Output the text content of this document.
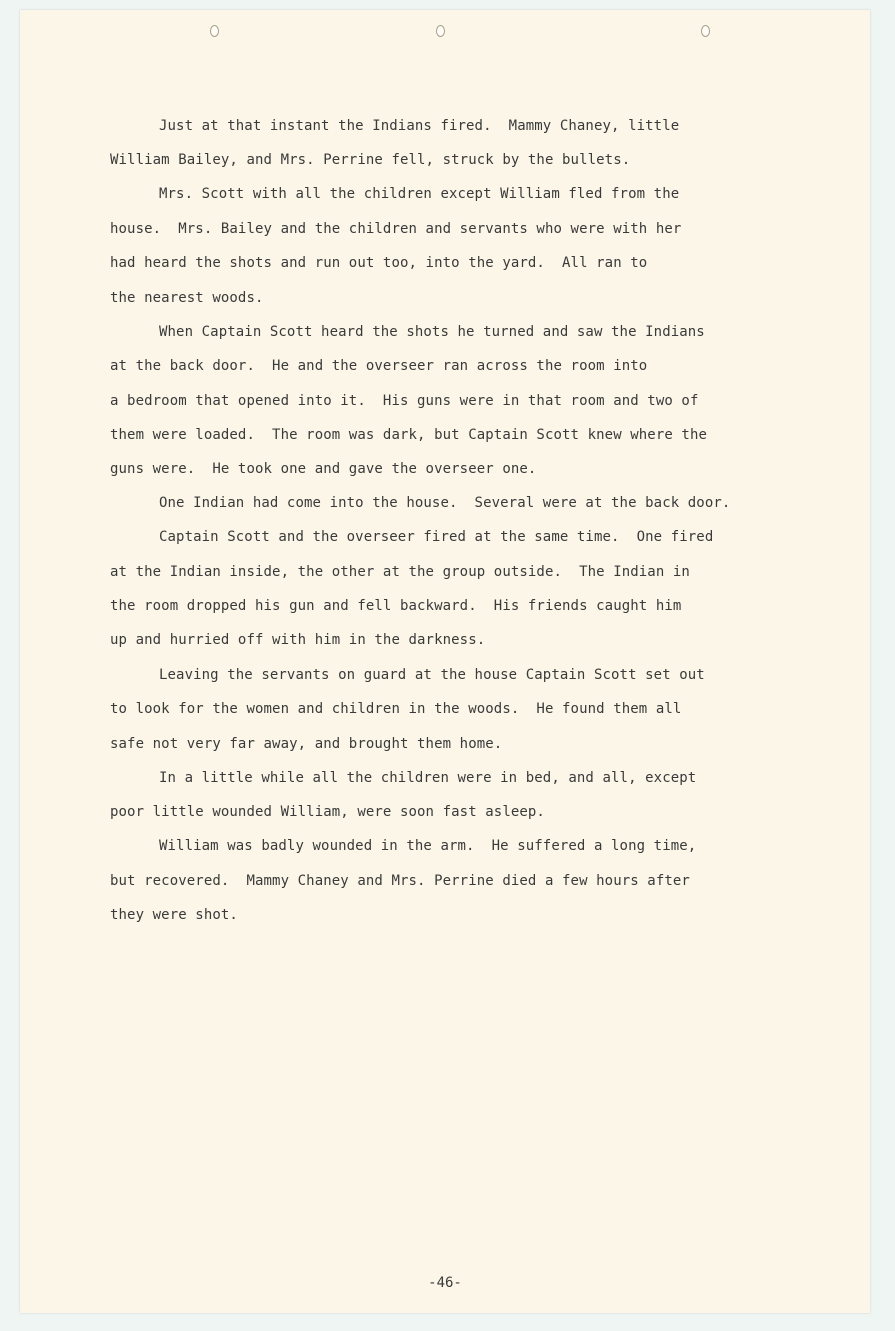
Just at that instant the Indians fired.  Mammy Chaney, little

William Bailey, and Mrs. Perrine fell, struck by the bullets.

Mrs. Scott with all the children except William fled from the

house.  Mrs. Bailey and the children and servants who were with her

had heard the shots and run out too, into the yard.  All ran to

the nearest woods.

When Captain Scott heard the shots he turned and saw the Indians

at the back door.  He and the overseer ran across the room into

a bedroom that opened into it.  His guns were in that room and two of

them were loaded.  The room was dark, but Captain Scott knew where the

guns were.  He took one and gave the overseer one.

One Indian had come into the house.  Several were at the back door.

Captain Scott and the overseer fired at the same time.  One fired

at the Indian inside, the other at the group outside.  The Indian in

the room dropped his gun and fell backward.  His friends caught him

up and hurried off with him in the darkness.

Leaving the servants on guard at the house Captain Scott set out

to look for the women and children in the woods.  He found them all

safe not very far away, and brought them home.

In a little while all the children were in bed, and all, except

poor little wounded William, were soon fast asleep.

William was badly wounded in the arm.  He suffered a long time,

but recovered.  Mammy Chaney and Mrs. Perrine died a few hours after

they were shot.

-46-
